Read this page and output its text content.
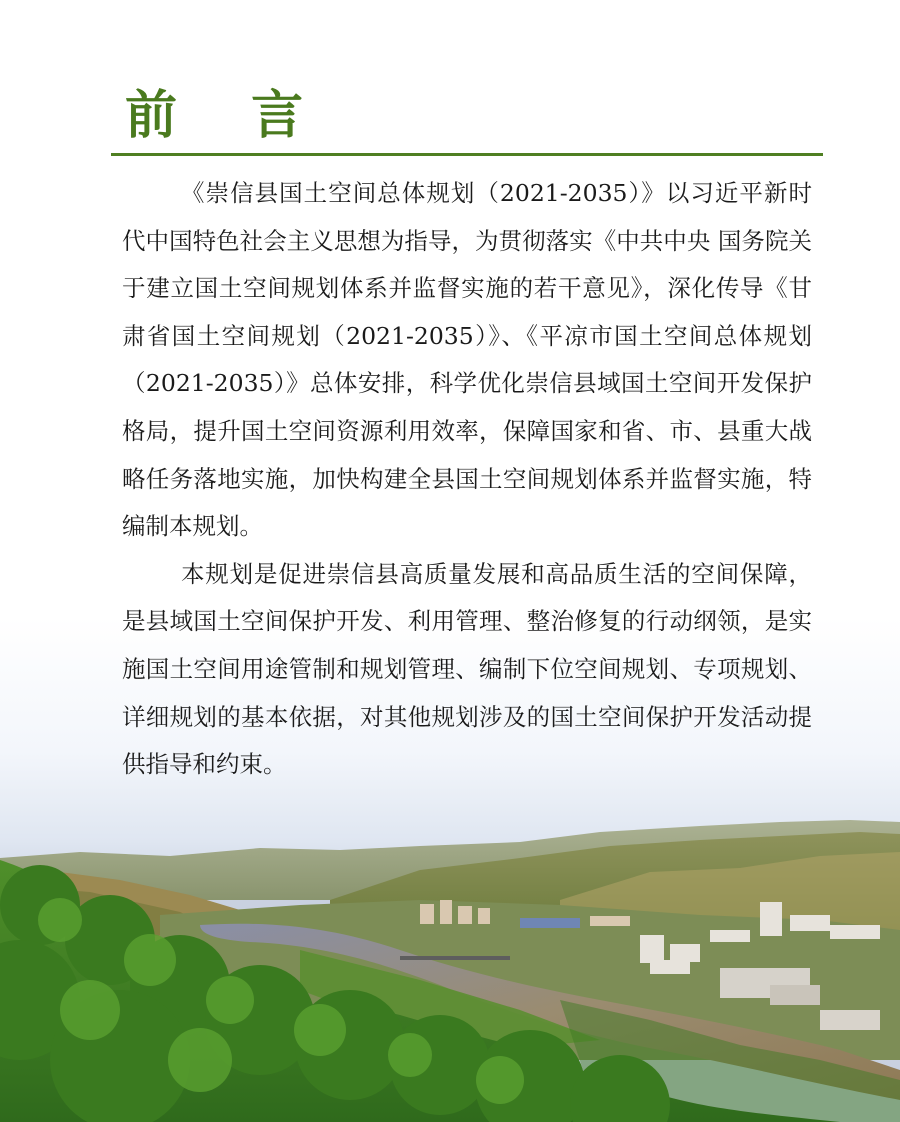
前 言

《崇信县国土空间总体规划（2021-2035）》以习近平新时代中国特色社会主义思想为指导，为贯彻落实《中共中央 国务院关于建立国土空间规划体系并监督实施的若干意见》，深化传导《甘肃省国土空间规划（2021-2035）》、《平凉市国土空间总体规划（2021-2035）》总体安排，科学优化崇信县域国土空间开发保护格局，提升国土空间资源利用效率，保障国家和省、市、县重大战略任务落地实施，加快构建全县国土空间规划体系并监督实施，特编制本规划。

本规划是促进崇信县高质量发展和高品质生活的空间保障，是县域国土空间保护开发、利用管理、整治修复的行动纲领，是实施国土空间用途管制和规划管理、编制下位空间规划、专项规划、详细规划的基本依据，对其他规划涉及的国土空间保护开发活动提供指导和约束。
